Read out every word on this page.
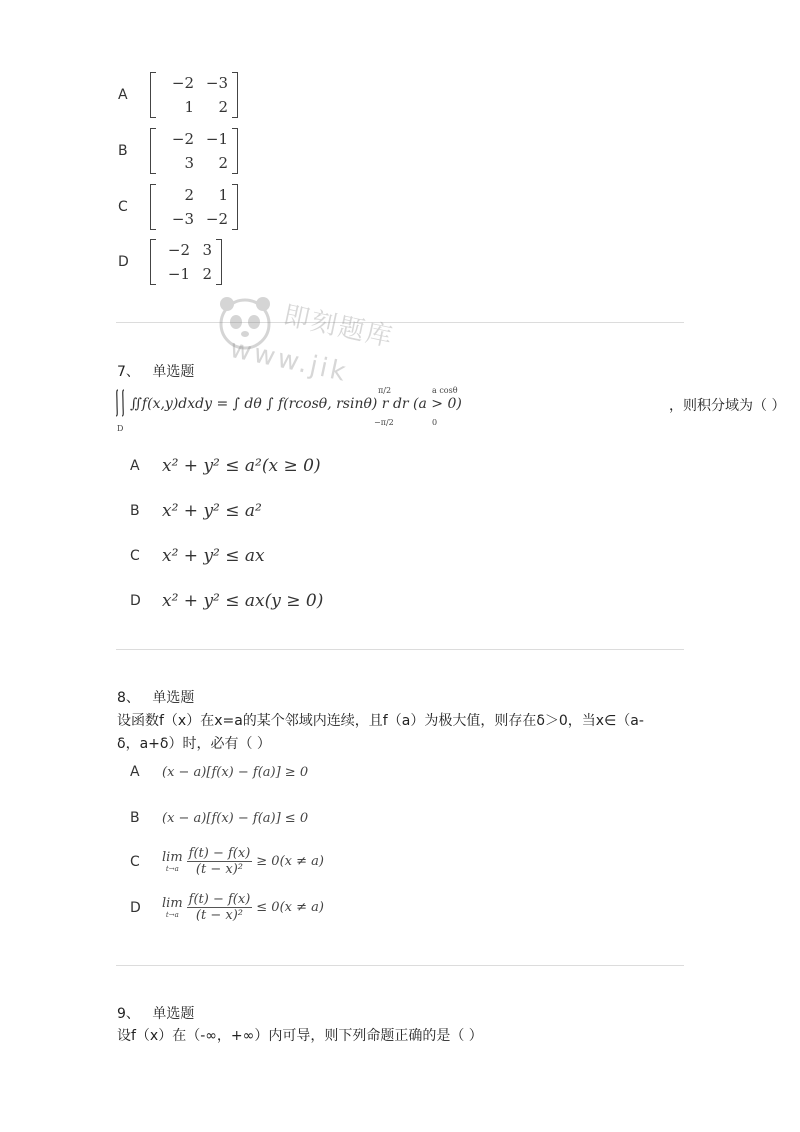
A
−2 −3
1	2
B
−2 −1
3	2
C
2	1
−3 −2
D
−2 3
−1 2
即刻题库
www.jik
7、 单选题
D
∬f(x,y)dxdy = ∫ dθ ∫ f(rcosθ, rsinθ) r dr (a > 0)
π/2
−π/2
a cosθ
0
，则积分域为（ ）
A	x² + y² ≤ a²(x ≥ 0)
B	x² + y² ≤ a²
C	x² + y² ≤ ax
D	x² + y² ≤ ax(y ≥ 0)
8、 单选题
设函数f（x）在x=a的某个邻域内连续，且f（a）为极大值，则存在δ＞0，当x∈（a-
δ，a+δ）时，必有（ ）
A	(x − a)[f(x) − f(a)] ≥ 0
B	(x − a)[f(x) − f(a)] ≤ 0
C	lim
$t\to a \frac{f(t) - f(x)}{\text{(t − x)²}} \ge 0(x \ne a)$
D	lim
$t\to a \frac{f(t) - f(x)}{\text{(t − x)²}} \le 0(x \ne a)$
9、 单选题
设f（x）在（-∞，+∞）内可导，则下列命题正确的是（ ）
